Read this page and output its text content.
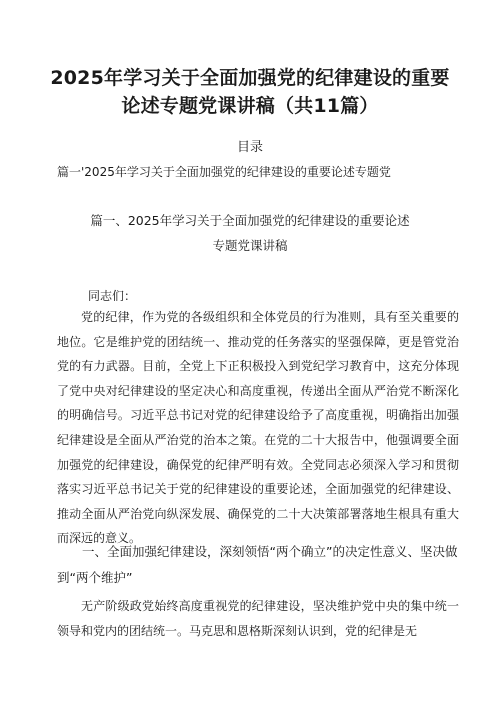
2025年学习关于全面加强党的纪律建设的重要
论述专题党课讲稿（共11篇）
目录
篇一'2025年学习关于全面加强党的纪律建设的重要论述专题党
篇一、2025年学习关于全面加强党的纪律建设的重要论述
专题党课讲稿
同志们：

党的纪律，作为党的各级组织和全体党员的行为准则，具有至关重要的地位。它是维护党的团结统一、推动党的任务落实的坚强保障，更是管党治党的有力武器。目前，全党上下正积极投入到党纪学习教育中，这充分体现了党中央对纪律建设的坚定决心和高度重视，传递出全面从严治党不断深化的明确信号。习近平总书记对党的纪律建设给予了高度重视，明确指出加强纪律建设是全面从严治党的治本之策。在党的二十大报告中，他强调要全面加强党的纪律建设，确保党的纪律严明有效。全党同志必须深入学习和贯彻落实习近平总书记关于党的纪律建设的重要论述，全面加强党的纪律建设、推动全面从严治党向纵深发展、确保党的二十大决策部署落地生根具有重大而深远的意义。

一、全面加强纪律建设，深刻领悟“两个确立”的决定性意义、坚决做到“两个维护”

无产阶级政党始终高度重视党的纪律建设，坚决维护党中央的集中统一领导和党内的团结统一。马克思和恩格斯深刻认识到，党的纪律是无
